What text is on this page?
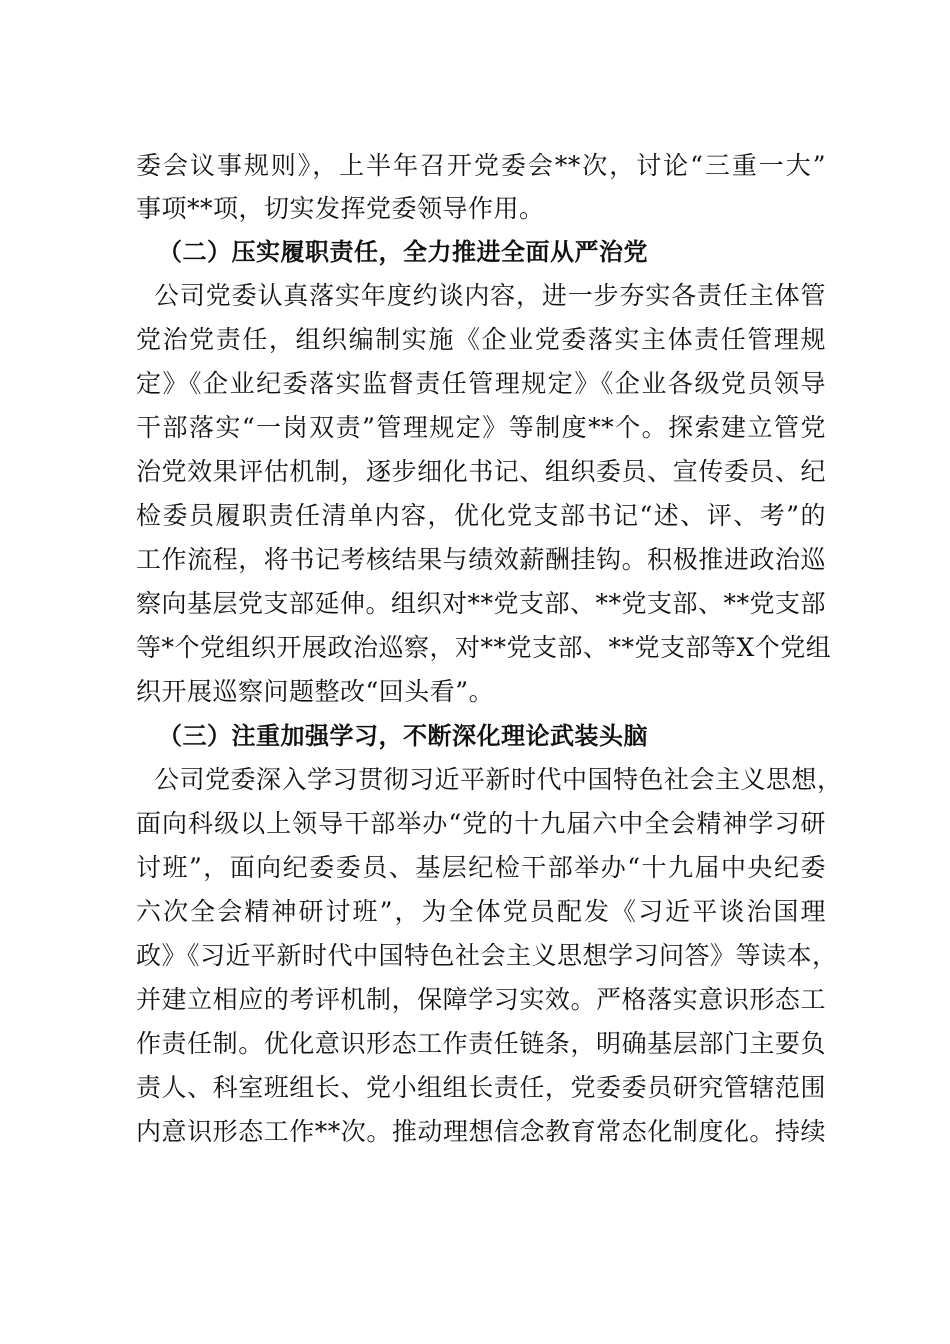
委会议事规则》，上半年召开党委会**次，讨论“三重一大”
事项**项，切实发挥党委领导作用。
（二）压实履职责任，全力推进全面从严治党
公司党委认真落实年度约谈内容，进一步夯实各责任主体管
党治党责任，组织编制实施《企业党委落实主体责任管理规
定》《企业纪委落实监督责任管理规定》《企业各级党员领导
干部落实“一岗双责”管理规定》等制度**个。探索建立管党
治党效果评估机制，逐步细化书记、组织委员、宣传委员、纪
检委员履职责任清单内容，优化党支部书记“述、评、考”的
工作流程，将书记考核结果与绩效薪酬挂钩。积极推进政治巡
察向基层党支部延伸。组织对**党支部、**党支部、**党支部
等*个党组织开展政治巡察，对**党支部、**党支部等X个党组
织开展巡察问题整改“回头看”。
（三）注重加强学习，不断深化理论武装头脑
公司党委深入学习贯彻习近平新时代中国特色社会主义思想，
面向科级以上领导干部举办“党的十九届六中全会精神学习研
讨班”，面向纪委委员、基层纪检干部举办“十九届中央纪委
六次全会精神研讨班”，为全体党员配发《习近平谈治国理
政》《习近平新时代中国特色社会主义思想学习问答》等读本，
并建立相应的考评机制，保障学习实效。严格落实意识形态工
作责任制。优化意识形态工作责任链条，明确基层部门主要负
责人、科室班组长、党小组组长责任，党委委员研究管辖范围
内意识形态工作**次。推动理想信念教育常态化制度化。持续
